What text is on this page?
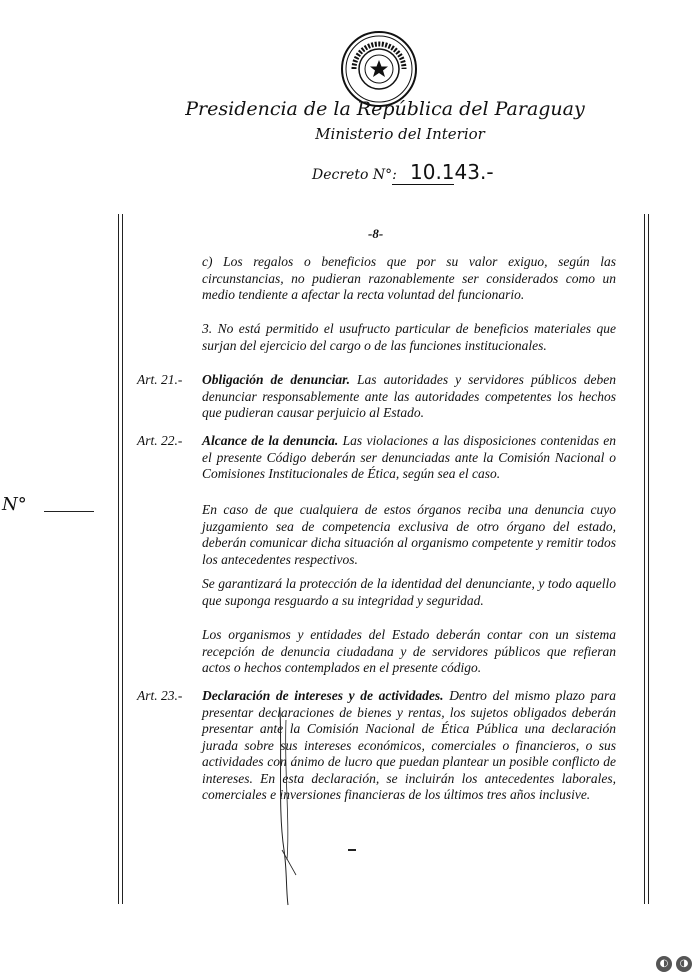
Presidencia de la República del Paraguay
Ministerio del Interior
Decreto N°: 10.143.-
-8-
c) Los regalos o beneficios que por su valor exiguo, según las circunstancias, no pudieran razonablemente ser considerados como un medio tendiente a afectar la recta voluntad del funcionario.
3. No está permitido el usufructo particular de beneficios materiales que surjan del ejercicio del cargo o de las funciones institucionales.
Art. 21.- Obligación de denunciar. Las autoridades y servidores públicos deben denunciar responsablemente ante las autoridades competentes los hechos que pudieran causar perjuicio al Estado.
Art. 22.- Alcance de la denuncia. Las violaciones a las disposiciones contenidas en el presente Código deberán ser denunciadas ante la Comisión Nacional o Comisiones Institucionales de Ética, según sea el caso.
En caso de que cualquiera de estos órganos reciba una denuncia cuyo juzgamiento sea de competencia exclusiva de otro órgano del estado, deberán comunicar dicha situación al organismo competente y remitir todos los antecedentes respectivos.
Se garantizará la protección de la identidad del denunciante, y todo aquello que suponga resguardo a su integridad y seguridad.
Los organismos y entidades del Estado deberán contar con un sistema recepción de denuncia ciudadana y de servidores públicos que refieran actos o hechos contemplados en el presente código.
Art. 23.- Declaración de intereses y de actividades. Dentro del mismo plazo para presentar declaraciones de bienes y rentas, los sujetos obligados deberán presentar ante la Comisión Nacional de Ética Pública una declaración jurada sobre sus intereses económicos, comerciales o financieros, o sus actividades con ánimo de lucro que puedan plantear un posible conflicto de intereses. En esta declaración, se incluirán los antecedentes laborales, comerciales e inversiones financieras de los últimos tres años inclusive.
N°
◐	◑
